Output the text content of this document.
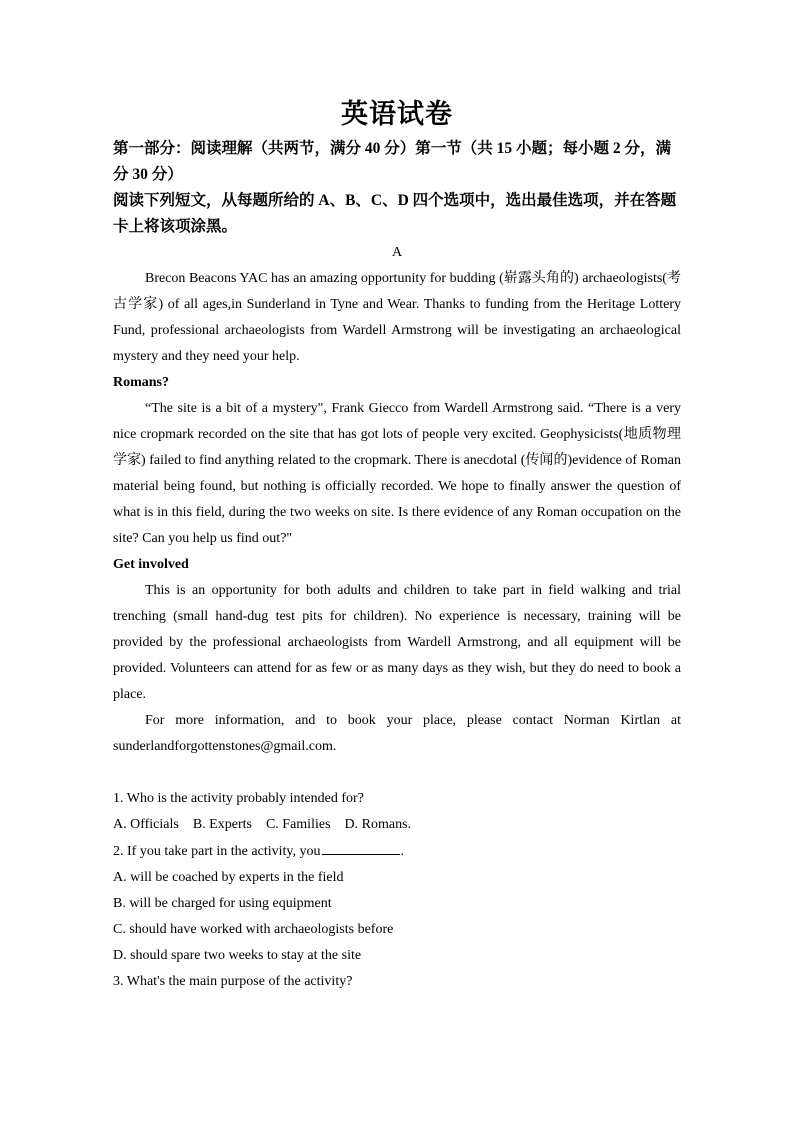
英语试卷

第一部分：阅读理解（共两节，满分 40 分）第一节（共 15 小题；每小题 2 分，满分 30 分）

阅读下列短文，从每题所给的 A、B、C、D 四个选项中，选出最佳选项，并在答题卡上将该项涂黑。

A

Brecon Beacons YAC has an amazing opportunity for budding (崭露头角的) archaeologists(考古学家) of all ages,in Sunderland in Tyne and Wear. Thanks to funding from the Heritage Lottery Fund, professional archaeologists from Wardell Armstrong will be investigating an archaeological mystery and they need your help.

Romans?

“The site is a bit of a mystery", Frank Giecco from Wardell Armstrong said. “There is a very nice cropmark recorded on the site that has got lots of people very excited. Geophysicists(地质物理学家) failed to find anything related to the cropmark. There is anecdotal (传闻的)evidence of Roman material being found, but nothing is officially recorded. We hope to finally answer the question of what is in this field, during the two weeks on site. Is there evidence of any Roman occupation on the site? Can you help us find out?"

Get involved

This is an opportunity for both adults and children to take part in field walking and trial trenching (small hand-dug test pits for children). No experience is necessary, training will be provided by the professional archaeologists from Wardell Armstrong, and all equipment will be provided. Volunteers can attend for as few or as many days as they wish, but they do need to book a place.

For more information, and to book your place, please contact Norman Kirtlan at sunderlandforgottenstones@gmail.com.

1. Who is the activity probably intended for?

A. Officials B. Experts C. Families D. Romans.

2. If you take part in the activity, you	.

A. will be coached by experts in the field

B. will be charged for using equipment

C. should have worked with archaeologists before

D. should spare two weeks to stay at the site

3. What's the main purpose of the activity?
